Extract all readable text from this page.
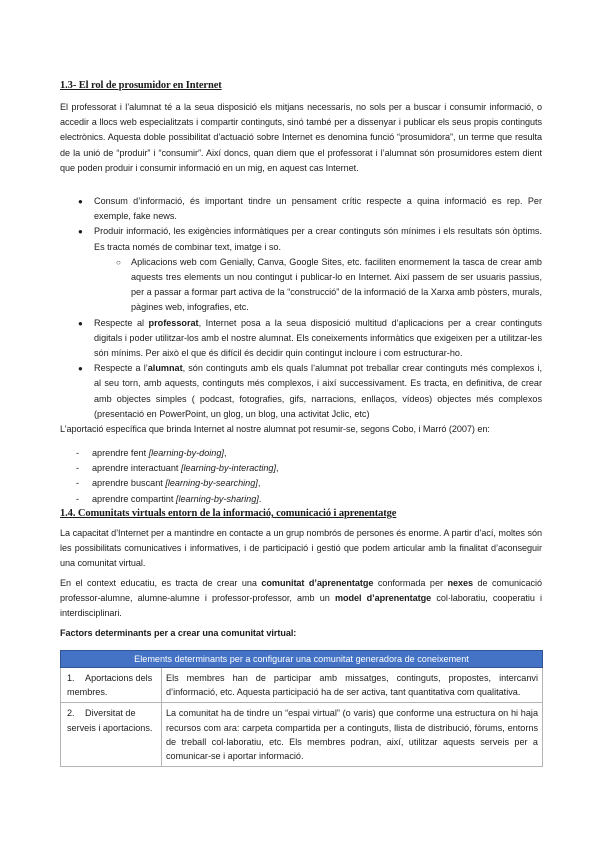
1.3- El rol de prosumidor en Internet
El professorat i l’alumnat té a la seua disposició els mitjans necessaris, no sols per a buscar i consumir informació, o accedir a llocs web especialitzats i compartir continguts, sinó també per a dissenyar i publicar els seus propis continguts electrònics. Aquesta doble possibilitat d’actuació sobre Internet es denomina funció “prosumidora”, un terme que resulta de la unió de “produir” i “consumir”. Així doncs, quan diem que el professorat i l’alumnat són prosumidores estem dient que poden produir i consumir informació en un mig, en aquest cas Internet.
● Consum d’informació, és important tindre un pensament crític respecte a quina informació es rep. Per exemple, fake news.
● Produir informació, les exigències informàtiques per a crear continguts són mínimes i els resultats són òptims. Es tracta només de combinar text, imatge i so.
○ Aplicacions web com Genially, Canva, Google Sites, etc. faciliten enormement la tasca de crear amb aquests tres elements un nou contingut i publicar-lo en Internet. Així passem de ser usuaris passius, per a passar a formar part activa de la “construcció” de la informació de la Xarxa amb pòsters, murals, pàgines web, infografies, etc.
● Respecte al professorat, Internet posa a la seua disposició multitud d’aplicacions per a crear continguts digitals i poder utilitzar-los amb el nostre alumnat. Els coneixements informàtics que exigeixen per a utilitzar-les són mínims. Per això el que és difícil és decidir quin contingut incloure i com estructurar-ho.
● Respecte a l’alumnat, són continguts amb els quals l’alumnat pot treballar crear continguts més complexos i, al seu torn, amb aquests, continguts més complexos, i així successivament. Es tracta, en definitiva, de crear amb objectes simples ( podcast, fotografies, gifs, narracions, enllaços, vídeos) objectes més complexos (presentació en PowerPoint, un glog, un blog, una activitat Jclic, etc)
L’aportació específica que brinda Internet al nostre alumnat pot resumir-se, segons Cobo, i Marró (2007) en:
- aprendre fent [learning-by-doing],
- aprendre interactuant [learning-by-interacting],
- aprendre buscant [learning-by-searching],
- aprendre compartint [learning-by-sharing].
1.4. Comunitats virtuals entorn de la informació, comunicació i aprenentatge
La capacitat d’Internet per a mantindre en contacte a un grup nombrós de persones és enorme. A partir d’ací, moltes són les possibilitats comunicatives i informatives, i de participació i gestió que podem articular amb la finalitat d’aconseguir una comunitat virtual.
En el context educatiu, es tracta de crear una comunitat d’aprenentatge conformada per nexes de comunicació professor-alumne, alumne-alumne i professor-professor, amb un model d’aprenentatge col·laboratiu, cooperatiu i interdisciplinari.
Factors determinants per a crear una comunitat virtual:
Elements determinants per a configurar una comunitat generadora de coneixement	
1. Aportacions dels membres.	Els membres han de participar amb missatges, continguts, propostes, intercanvi d’informació, etc. Aquesta participació ha de ser activa, tant quantitativa com qualitativa.
2. Diversitat de serveis i aportacions.	La comunitat ha de tindre un “espai virtual” (o varis) que conforme una estructura on hi haja recursos com ara: carpeta compartida per a continguts, llista de distribució, fòrums, entorns de treball col·laboratiu, etc. Els membres podran, així, utilitzar aquests serveis per a comunicar-se i aportar informació.
